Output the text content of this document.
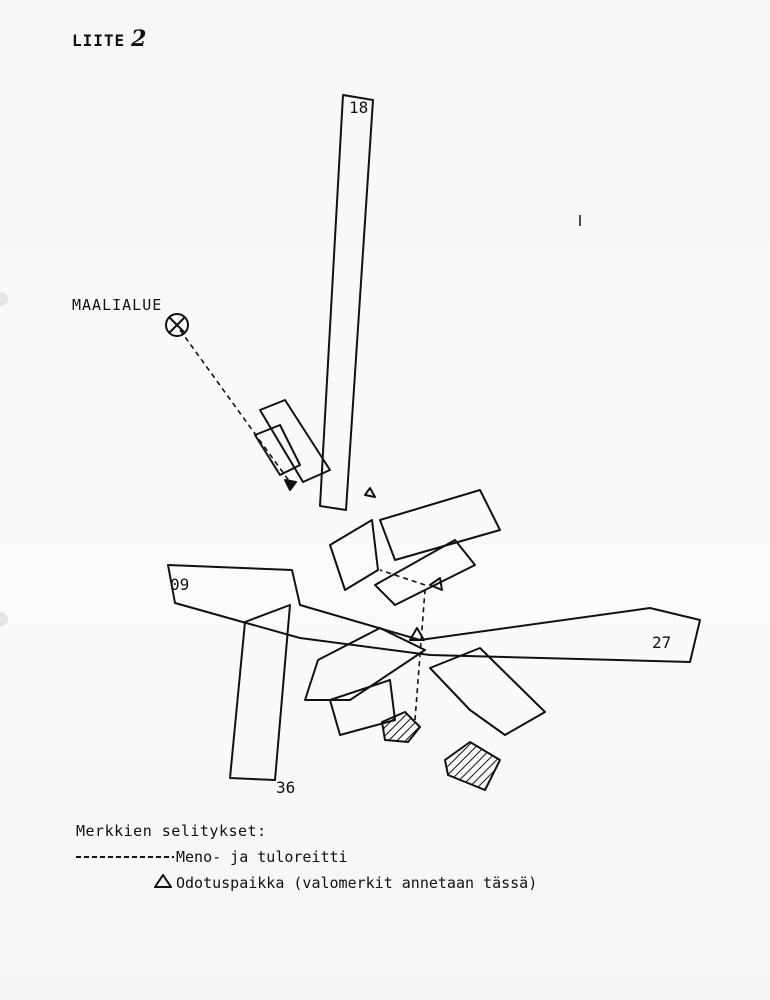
LIITE 2
MAALIALUE
18
09
27
36
Merkkien selitykset:
Meno- ja tuloreitti
Odotuspaikka (valomerkit annetaan tässä)
